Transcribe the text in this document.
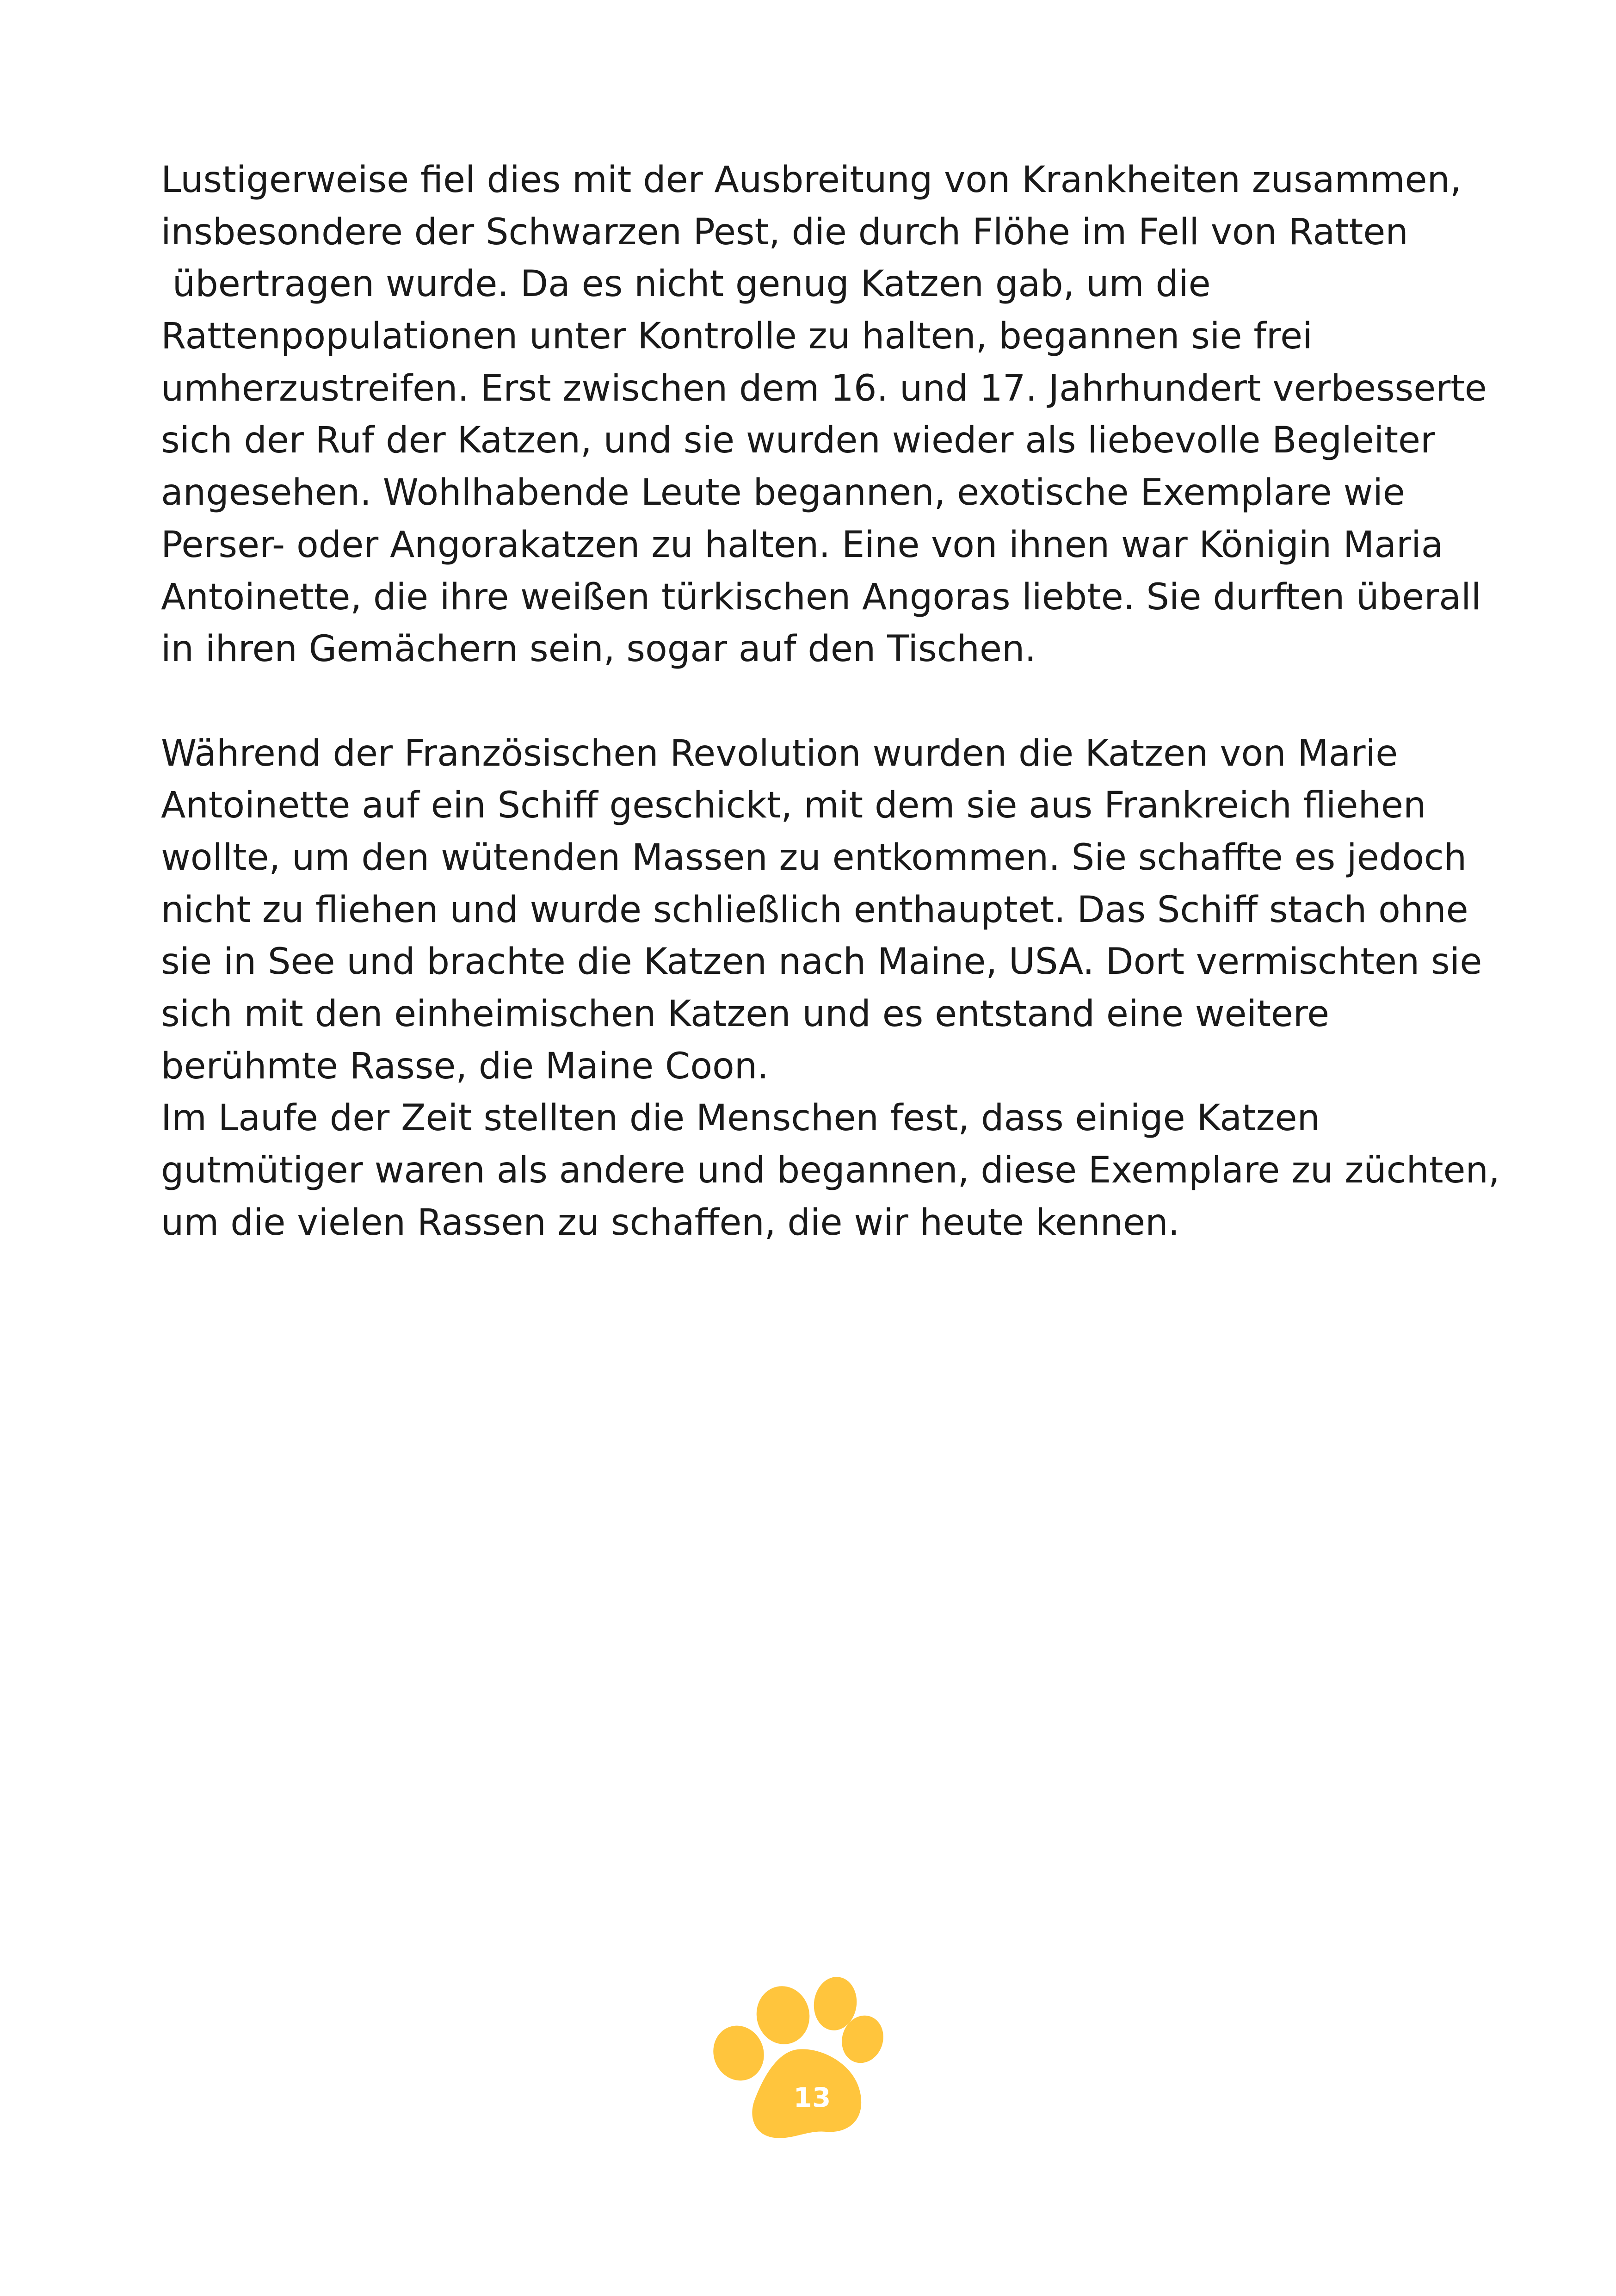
Lustigerweise fiel dies mit der Ausbreitung von Krankheiten zusammen,
insbesondere der Schwarzen Pest, die durch Flöhe im Fell von Ratten
übertragen wurde. Da es nicht genug Katzen gab, um die
Rattenpopulationen unter Kontrolle zu halten, begannen sie frei
umherzustreifen. Erst zwischen dem 16. und 17. Jahrhundert verbesserte
sich der Ruf der Katzen, und sie wurden wieder als liebevolle Begleiter
angesehen. Wohlhabende Leute begannen, exotische Exemplare wie
Perser- oder Angorakatzen zu halten. Eine von ihnen war Königin Maria
Antoinette, die ihre weißen türkischen Angoras liebte. Sie durften überall
in ihren Gemächern sein, sogar auf den Tischen.
Während der Französischen Revolution wurden die Katzen von Marie
Antoinette auf ein Schiff geschickt, mit dem sie aus Frankreich fliehen
wollte, um den wütenden Massen zu entkommen. Sie schaffte es jedoch
nicht zu fliehen und wurde schließlich enthauptet. Das Schiff stach ohne
sie in See und brachte die Katzen nach Maine, USA. Dort vermischten sie
sich mit den einheimischen Katzen und es entstand eine weitere
berühmte Rasse, die Maine Coon.
Im Laufe der Zeit stellten die Menschen fest, dass einige Katzen
gutmütiger waren als andere und begannen, diese Exemplare zu züchten,
um die vielen Rassen zu schaffen, die wir heute kennen.
13
